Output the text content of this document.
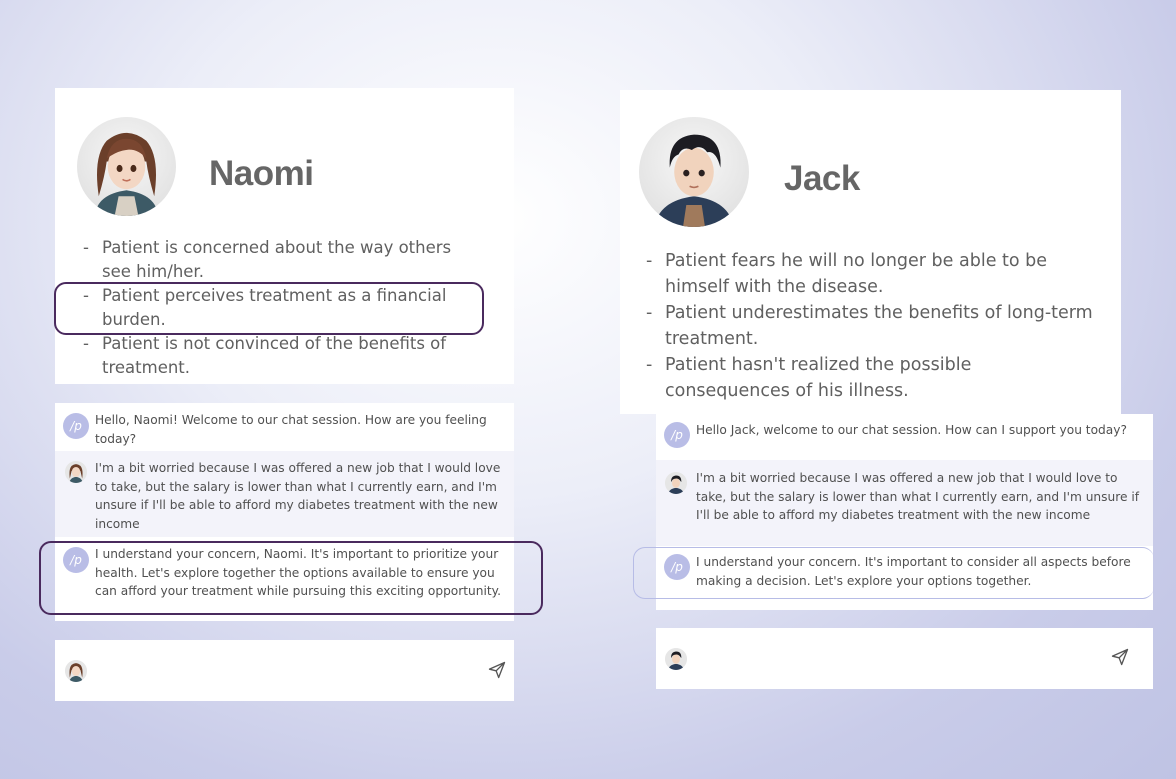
Naomi
- Patient is concerned about the way others see him/her.
- Patient perceives treatment as a financial burden.
- Patient is not convinced of the benefits of treatment.
/p	Hello, Naomi! Welcome to our chat session. How are you feeling today?
I'm a bit worried because I was offered a new job that I would love to take, but the salary is lower than what I currently earn, and I'm unsure if I'll be able to afford my diabetes treatment with the new income
/p	I understand your concern, Naomi. It's important to prioritize your health. Let's explore together the options available to ensure you can afford your treatment while pursuing this exciting opportunity.
Jack
- Patient fears he will no longer be able to be himself with the disease.
- Patient underestimates the benefits of long-term treatment.
- Patient hasn't realized the possible consequences of his illness.
/p	Hello Jack, welcome to our chat session. How can I support you today?
I'm a bit worried because I was offered a new job that I would love to take, but the salary is lower than what I currently earn, and I'm unsure if I'll be able to afford my diabetes treatment with the new income
/p	I understand your concern. It's important to consider all aspects before making a decision. Let's explore your options together.
